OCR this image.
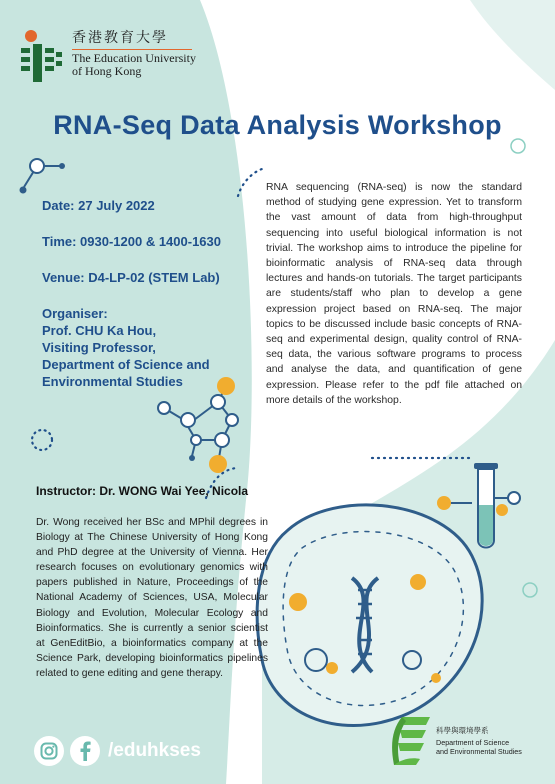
香港教育大學
The Education University
of Hong Kong
RNA-Seq Data Analysis Workshop
Date: 27 July 2022
Time: 0930-1200 & 1400-1630
Venue: D4-LP-02 (STEM Lab)
Organiser:
Prof. CHU Ka Hou,
Visiting Professor,
Department of Science and
Environmental Studies
RNA sequencing (RNA-seq) is now the standard method of studying gene expression. Yet to transform the vast amount of data from high-throughput sequencing into useful biological information is not trivial. The workshop aims to introduce the pipeline for bioinformatic analysis of RNA-seq data through lectures and hands-on tutorials. The target participants are students/staff who plan to develop a gene expression project based on RNA-seq. The major topics to be discussed include basic concepts of RNA-seq and experimental design, quality control of RNA-seq data, the various software programs to process and analyse the data, and quantification of gene expression. Please refer to the pdf file attached on more details of the workshop.
Instructor: Dr. WONG Wai Yee, Nicola
Dr. Wong received her BSc and MPhil degrees in Biology at The Chinese University of Hong Kong and PhD degree at the University of Vienna. Her research focuses on evolutionary genomics with papers published in Nature, Proceedings of the National Academy of Sciences, USA, Molecular Biology and Evolution, Molecular Ecology and Bioinformatics. She is currently a senior scientist at GenEditBio, a bioinformatics company at the Science Park, developing bioinformatics pipelines related to gene editing and gene therapy.
/eduhkses
科學與環境學系
Department of Science
and Environmental Studies
